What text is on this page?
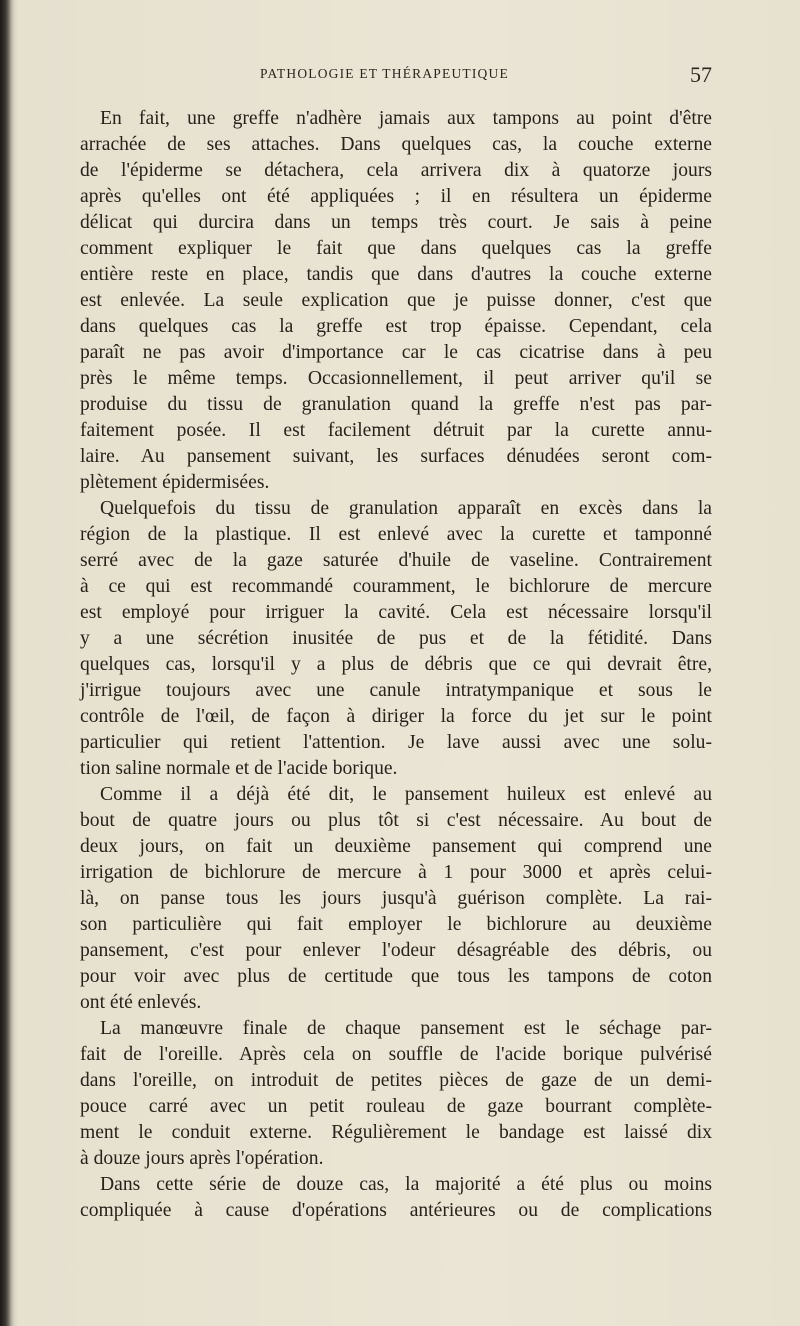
PATHOLOGIE ET THÉRAPEUTIQUE	57
En fait, une greffe n'adhère jamais aux tampons au point d'être
arrachée de ses attaches. Dans quelques cas, la couche externe
de l'épiderme se détachera, cela arrivera dix à quatorze jours
après qu'elles ont été appliquées ; il en résultera un épiderme
délicat qui durcira dans un temps très court. Je sais à peine
comment expliquer le fait que dans quelques cas la greffe
entière reste en place, tandis que dans d'autres la couche externe
est enlevée. La seule explication que je puisse donner, c'est que
dans quelques cas la greffe est trop épaisse. Cependant, cela
paraît ne pas avoir d'importance car le cas cicatrise dans à peu
près le même temps. Occasionnellement, il peut arriver qu'il se
produise du tissu de granulation quand la greffe n'est pas par-
faitement posée. Il est facilement détruit par la curette annu-
laire. Au pansement suivant, les surfaces dénudées seront com-
plètement épidermisées.
Quelquefois du tissu de granulation apparaît en excès dans la
région de la plastique. Il est enlevé avec la curette et tamponné
serré avec de la gaze saturée d'huile de vaseline. Contrairement
à ce qui est recommandé couramment, le bichlorure de mercure
est employé pour irriguer la cavité. Cela est nécessaire lorsqu'il
y a une sécrétion inusitée de pus et de la fétidité. Dans
quelques cas, lorsqu'il y a plus de débris que ce qui devrait être,
j'irrigue toujours avec une canule intratympanique et sous le
contrôle de l'œil, de façon à diriger la force du jet sur le point
particulier qui retient l'attention. Je lave aussi avec une solu-
tion saline normale et de l'acide borique.
Comme il a déjà été dit, le pansement huileux est enlevé au
bout de quatre jours ou plus tôt si c'est nécessaire. Au bout de
deux jours, on fait un deuxième pansement qui comprend une
irrigation de bichlorure de mercure à 1 pour 3000 et après celui-
là, on panse tous les jours jusqu'à guérison complète. La rai-
son particulière qui fait employer le bichlorure au deuxième
pansement, c'est pour enlever l'odeur désagréable des débris, ou
pour voir avec plus de certitude que tous les tampons de coton
ont été enlevés.
La manœuvre finale de chaque pansement est le séchage par-
fait de l'oreille. Après cela on souffle de l'acide borique pulvérisé
dans l'oreille, on introduit de petites pièces de gaze de un demi-
pouce carré avec un petit rouleau de gaze bourrant complète-
ment le conduit externe. Régulièrement le bandage est laissé dix
à douze jours après l'opération.
Dans cette série de douze cas, la majorité a été plus ou moins
compliquée à cause d'opérations antérieures ou de complications
